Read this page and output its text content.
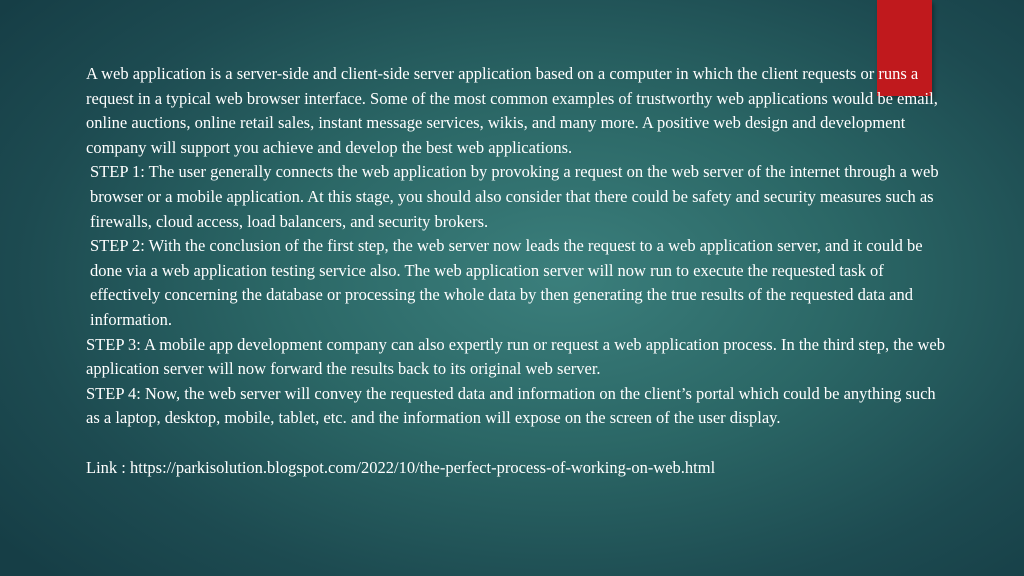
A web application is a server-side and client-side server application based on a computer in which the client requests or runs a request in a typical web browser interface. Some of the most common examples of trustworthy web applications would be email, online auctions, online retail sales, instant message services, wikis, and many more. A positive web design and development company will support you achieve and develop the best web applications.

STEP 1: The user generally connects the web application by provoking a request on the web server of the internet through a web browser or a mobile application. At this stage, you should also consider that there could be safety and security measures such as firewalls, cloud access, load balancers, and security brokers.

STEP 2: With the conclusion of the first step, the web server now leads the request to a web application server, and it could be done via a web application testing service also. The web application server will now run to execute the requested task of effectively concerning the database or processing the whole data by then generating the true results of the requested data and information.

STEP 3: A mobile app development company can also expertly run or request a web application process. In the third step, the web application server will now forward the results back to its original web server.

STEP 4: Now, the web server will convey the requested data and information on the client’s portal which could be anything such as a laptop, desktop, mobile, tablet, etc. and the information will expose on the screen of the user display.

Link : https://parkisolution.blogspot.com/2022/10/the-perfect-process-of-working-on-web.html
